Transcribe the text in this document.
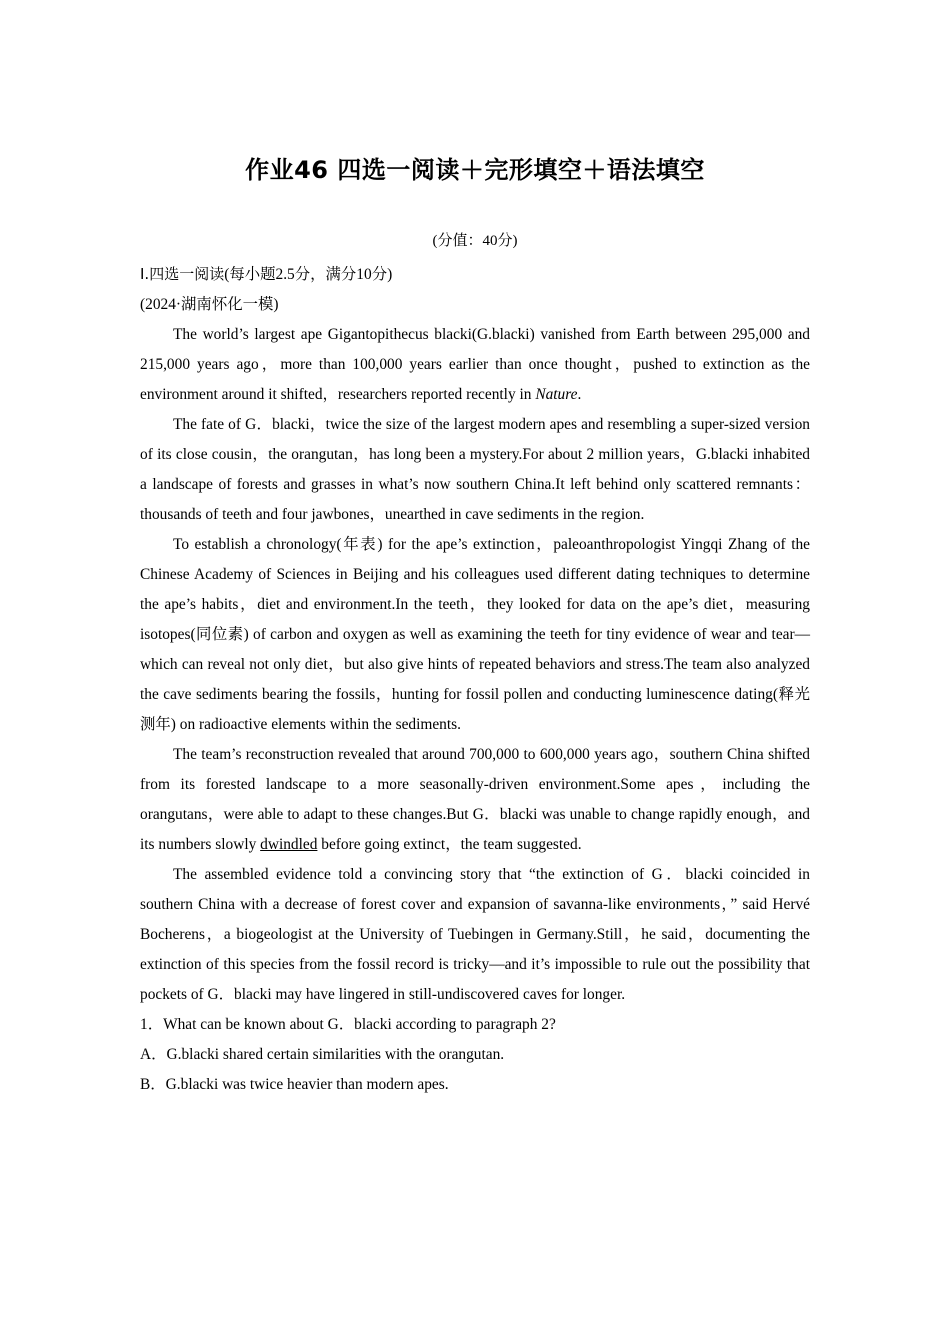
作业46 四选一阅读＋完形填空＋语法填空
(分值：40分)

Ⅰ.四选一阅读(每小题2.5分，满分10分)

(2024·湖南怀化一模)

The world’s largest ape Gigantopithecus blacki(G.blacki) vanished from Earth between 295,000 and 215,000 years ago，more than 100,000 years earlier than once thought，pushed to extinction as the environment around it shifted，researchers reported recently in Nature.

The fate of G．blacki，twice the size of the largest modern apes and resembling a super-sized version of its close cousin，the orangutan，has long been a mystery.For about 2 million years，G.blacki inhabited a landscape of forests and grasses in what’s now southern China.It left behind only scattered remnants：thousands of teeth and four jawbones，unearthed in cave sediments in the region.

To establish a chronology(年表) for the ape’s extinction，paleoanthropologist Yingqi Zhang of the Chinese Academy of Sciences in Beijing and his colleagues used different dating techniques to determine the ape’s habits，diet and environment.In the teeth，they looked for data on the ape’s diet，measuring isotopes(同位素) of carbon and oxygen as well as examining the teeth for tiny evidence of wear and tear—which can reveal not only diet，but also give hints of repeated behaviors and stress.The team also analyzed the cave sediments bearing the fossils，hunting for fossil pollen and conducting luminescence dating(释光测年) on radioactive elements within the sediments.

The team’s reconstruction revealed that around 700,000 to 600,000 years ago，southern China shifted from its forested landscape to a more seasonally-driven environment.Some apes，including the orangutans，were able to adapt to these changes.But G．blacki was unable to change rapidly enough，and its numbers slowly dwindled before going extinct，the team suggested.

The assembled evidence told a convincing story that “the extinction of G．blacki coincided in southern China with a decrease of forest cover and expansion of savanna-like environments，” said Hervé Bocherens，a biogeologist at the University of Tuebingen in Germany.Still，he said，documenting the extinction of this species from the fossil record is tricky—and it’s impossible to rule out the possibility that pockets of G．blacki may have lingered in still-undiscovered caves for longer.

1．What can be known about G．blacki according to paragraph 2?

A．G.blacki shared certain similarities with the orangutan.

B．G.blacki was twice heavier than modern apes.
